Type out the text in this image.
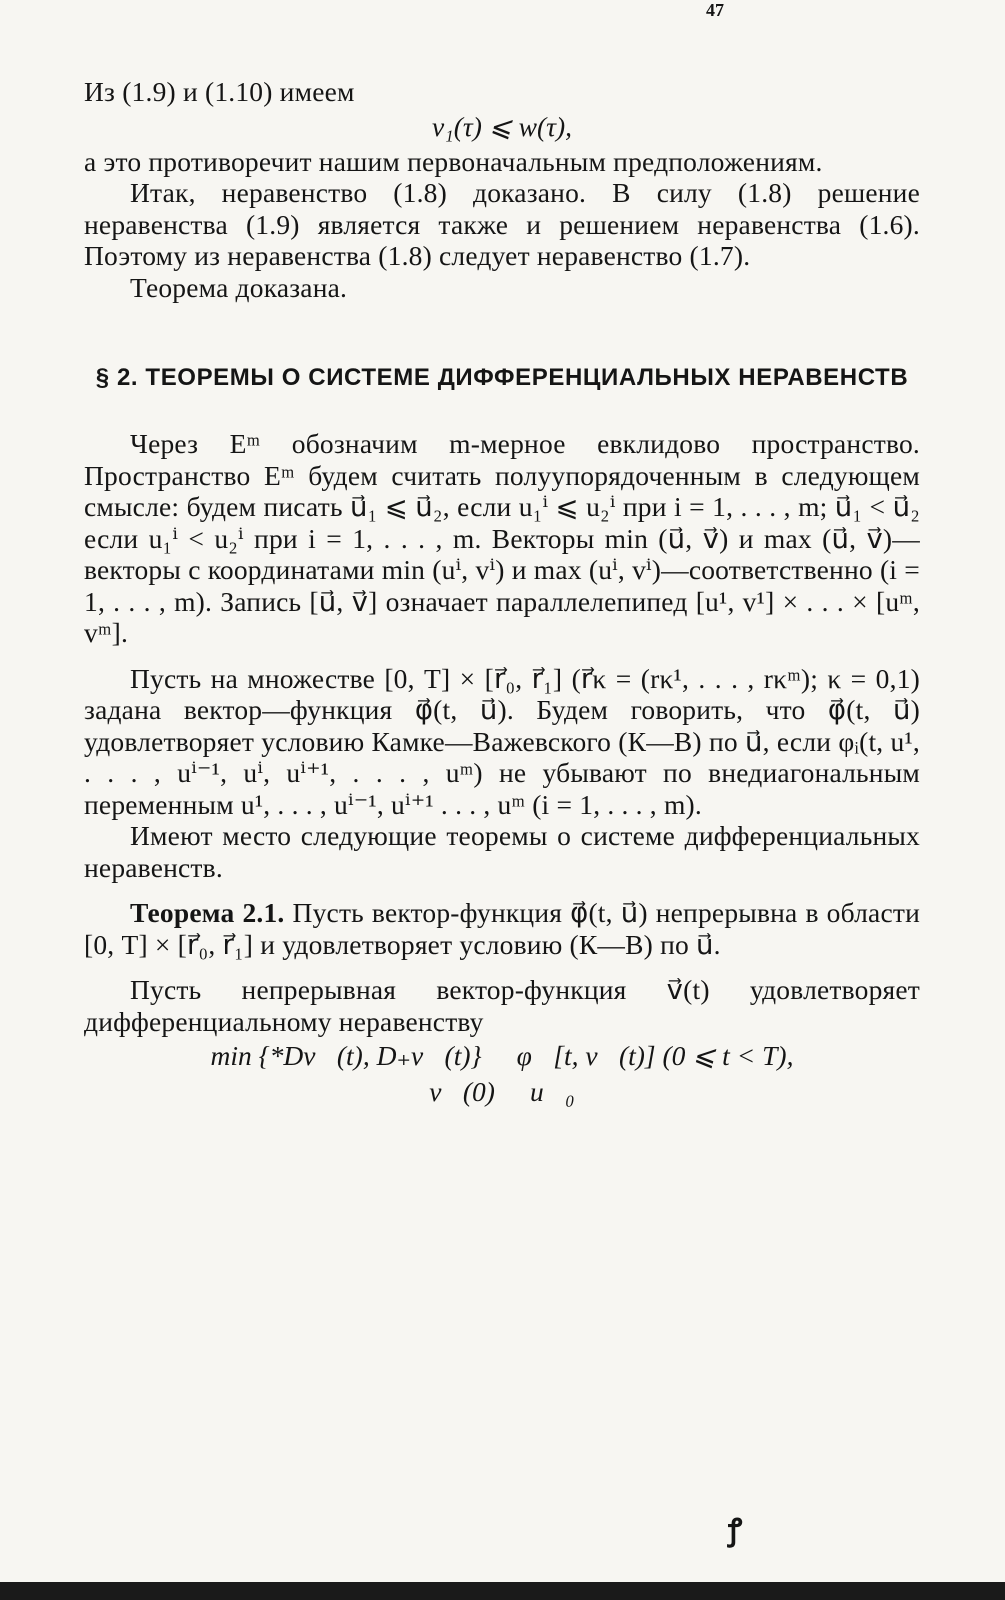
47

Из (1.9) и (1.10) имеем

v₁(τ) ⩽ w(τ),

а это противоречит нашим первоначальным предположениям.

Итак, неравенство (1.8) доказано. В силу (1.8) решение неравенства (1.9) является также и решением неравенства (1.6). Поэтому из неравенства (1.8) следует неравенство (1.7).

Теорема доказана.

§ 2. ТЕОРЕМЫ О СИСТЕМЕ ДИФФЕРЕНЦИАЛЬНЫХ НЕРАВЕНСТВ

Через Eᵐ обозначим m-мерное евклидово пространство. Пространство Eᵐ будем считать полуупорядоченным в следующем смысле: будем писать u⃗₁ ⩽ u⃗₂, если u₁ⁱ ⩽ u₂ⁱ при i = 1, . . . , m; u⃗₁ < u⃗₂ если u₁ⁱ < u₂ⁱ при i = 1, . . . , m. Векторы min (u⃗, v⃗) и max (u⃗, v⃗)—векторы с координатами min (uⁱ, vⁱ) и max (uⁱ, vⁱ)—соответственно (i = 1, . . . , m). Запись [u⃗, v⃗] означает параллелепипед [u¹, v¹] × . . . × [uᵐ, vᵐ].

Пусть на множестве [0, T] × [r⃗₀, r⃗₁] (r⃗κ = (rκ¹, . . . , rκᵐ); κ = 0,1) задана вектор—функция φ⃗(t, u⃗). Будем говорить, что φ⃗(t, u⃗) удовлетворяет условию Камке—Важевского (К—В) по u⃗, если φᵢ(t, u¹, . . . , uⁱ⁻¹, uⁱ, uⁱ⁺¹, . . . , uᵐ) не убывают по внедиагональным переменным u¹, . . . , uⁱ⁻¹, uⁱ⁺¹ . . . , uᵐ (i = 1, . . . , m).

Имеют место следующие теоремы о системе дифференциальных неравенств.

Теорема 2.1. Пусть вектор-функция φ⃗(t, u⃗) непрерывна в области [0, T] × [r⃗₀, r⃗₁] и удовлетворяет условию (К—В) по u⃗.

Пусть непрерывная вектор-функция v⃗(t) удовлетворяет дифференциальному неравенству

min {*Dv⃗(t), D₊v⃗(t)} ⩽ φ⃗[t, v⃗(t)] (0 ⩽ t < T),
v⃗(0) ⩽ u⃗₀
ꝭ
